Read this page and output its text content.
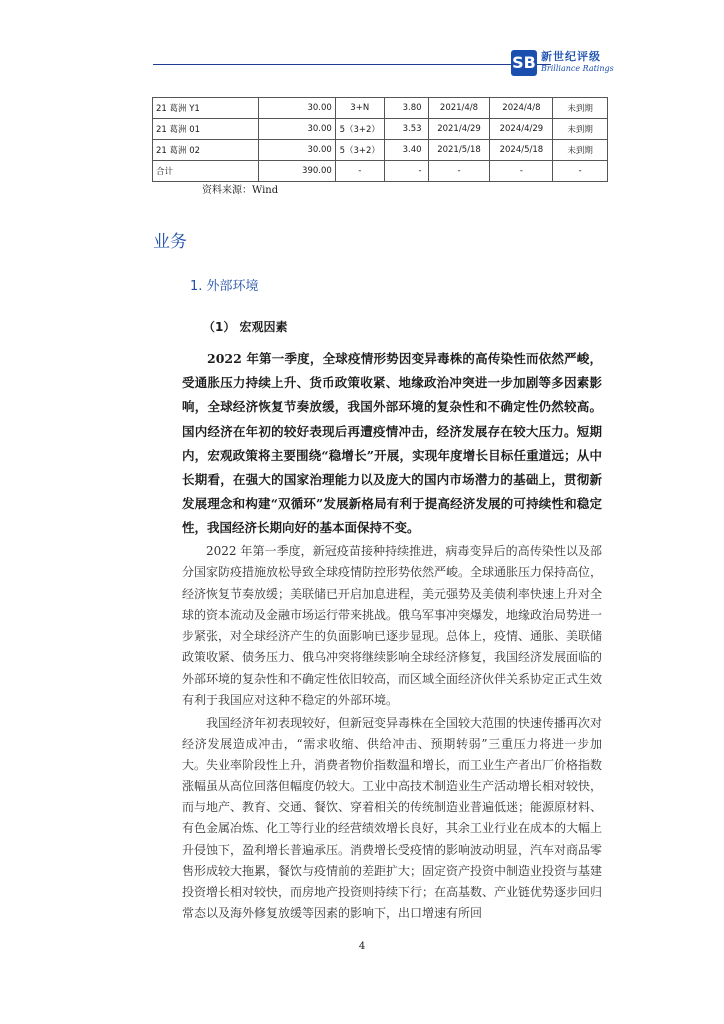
SB 新世纪评级
Brilliance Ratings
21 葛洲 Y1	30.00	3+N	3.80	2021/4/8	2024/4/8	未到期
21 葛洲 01	30.00	5（3+2）	3.53	2021/4/29	2024/4/29	未到期
21 葛洲 02	30.00	5（3+2）	3.40	2021/5/18	2024/5/18	未到期
合计	390.00	-	-	-	-	-
资料来源：Wind
业务
1. 外部环境
（1） 宏观因素

2022 年第一季度，全球疫情形势因变异毒株的高传染性而依然严峻，受通胀压力持续上升、货币政策收紧、地缘政治冲突进一步加剧等多因素影响，全球经济恢复节奏放缓，我国外部环境的复杂性和不确定性仍然较高。国内经济在年初的较好表现后再遭疫情冲击，经济发展存在较大压力。短期内，宏观政策将主要围绕“稳增长”开展，实现年度增长目标任重道远；从中长期看，在强大的国家治理能力以及庞大的国内市场潜力的基础上，贯彻新发展理念和构建“双循环”发展新格局有利于提高经济发展的可持续性和稳定性，我国经济长期向好的基本面保持不变。

2022 年第一季度，新冠疫苗接种持续推进，病毒变异后的高传染性以及部分国家防疫措施放松导致全球疫情防控形势依然严峻。全球通胀压力保持高位，经济恢复节奏放缓；美联储已开启加息进程，美元强势及美债利率快速上升对全球的资本流动及金融市场运行带来挑战。俄乌军事冲突爆发，地缘政治局势进一步紧张，对全球经济产生的负面影响已逐步显现。总体上，疫情、通胀、美联储政策收紧、债务压力、俄乌冲突将继续影响全球经济修复，我国经济发展面临的外部环境的复杂性和不确定性依旧较高，而区域全面经济伙伴关系协定正式生效有利于我国应对这种不稳定的外部环境。

我国经济年初表现较好，但新冠变异毒株在全国较大范围的快速传播再次对经济发展造成冲击，“需求收缩、供给冲击、预期转弱”三重压力将进一步加大。失业率阶段性上升，消费者物价指数温和增长，而工业生产者出厂价格指数涨幅虽从高位回落但幅度仍较大。工业中高技术制造业生产活动增长相对较快，而与地产、教育、交通、餐饮、穿着相关的传统制造业普遍低迷；能源原材料、有色金属冶炼、化工等行业的经营绩效增长良好，其余工业行业在成本的大幅上升侵蚀下，盈利增长普遍承压。消费增长受疫情的影响波动明显，汽车对商品零售形成较大拖累，餐饮与疫情前的差距扩大；固定资产投资中制造业投资与基建投资增长相对较快，而房地产投资则持续下行；在高基数、产业链优势逐步回归常态以及海外修复放缓等因素的影响下，出口增速有所回

4
